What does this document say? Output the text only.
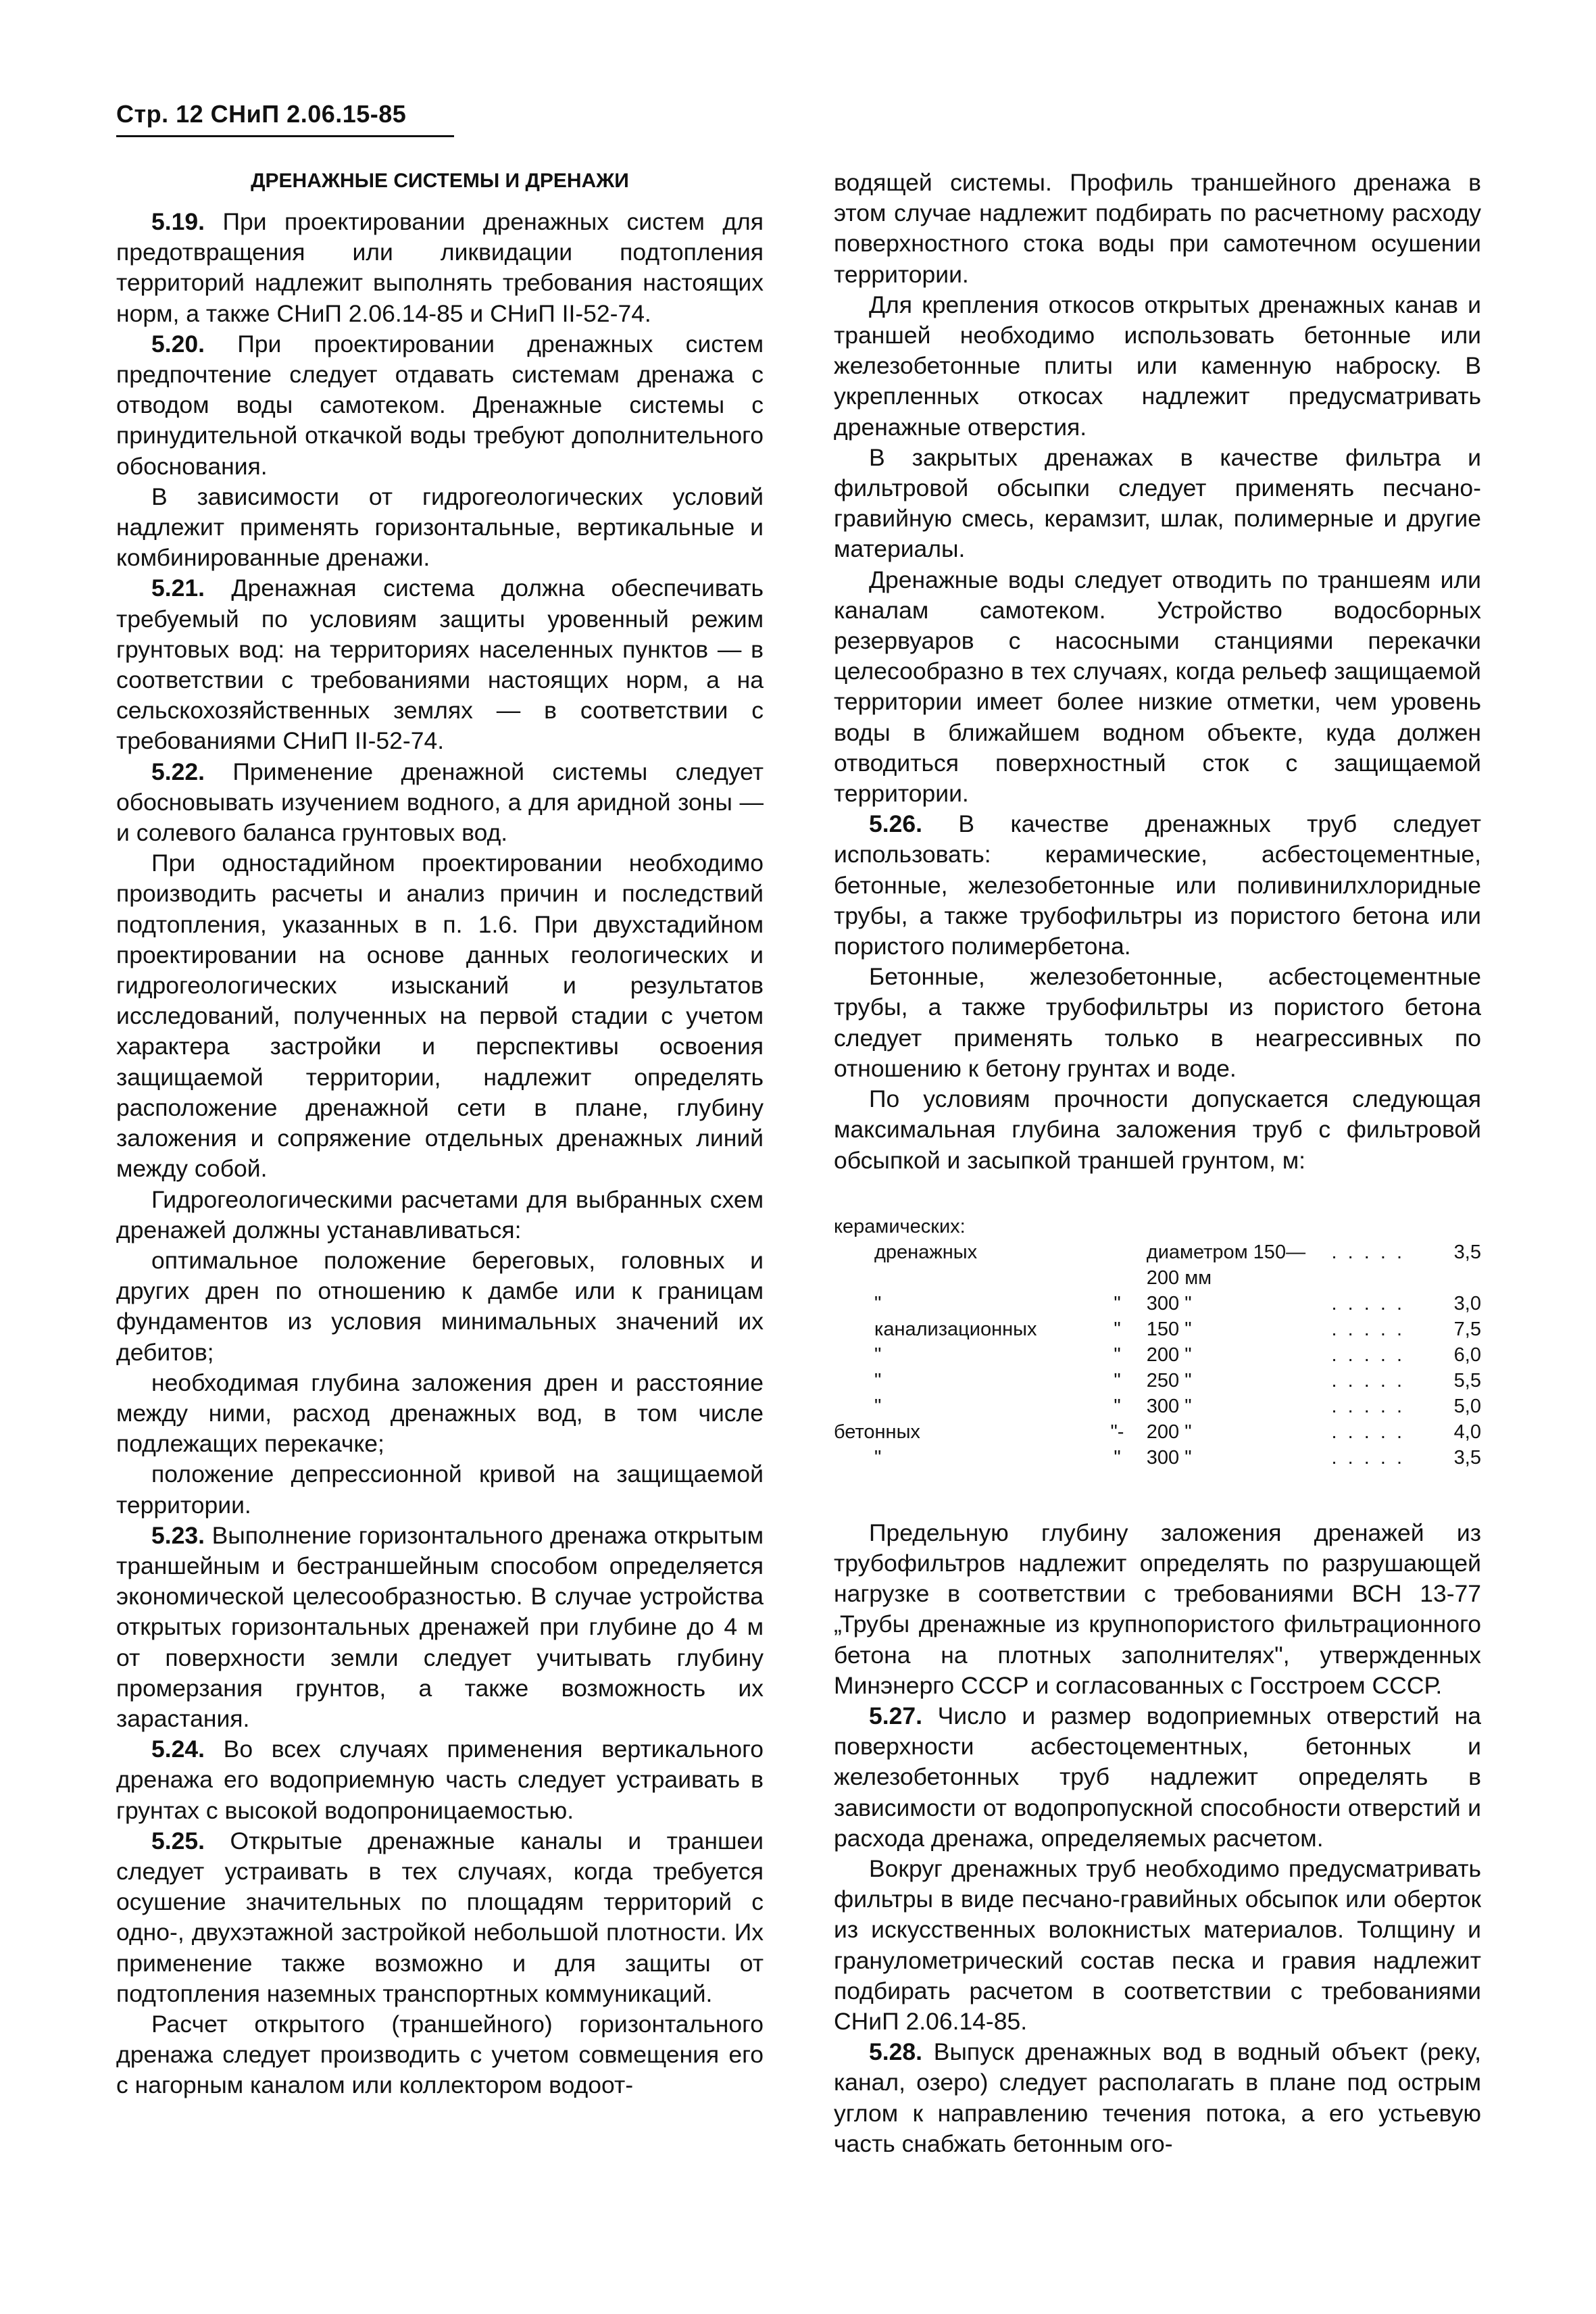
Стр. 12 СНиП 2.06.15-85
ДРЕНАЖНЫЕ СИСТЕМЫ И ДРЕНАЖИ

5.19. При проектировании дренажных систем для предотвращения или ликвидации подтопления территорий надлежит выполнять требования настоящих норм, а также СНиП 2.06.14-85 и СНиП II-52-74.

5.20. При проектировании дренажных систем предпочтение следует отдавать системам дренажа с отводом воды самотеком. Дренажные системы с принудительной откачкой воды требуют дополнительного обоснования.

В зависимости от гидрогеологических условий надлежит применять горизонтальные, вертикальные и комбинированные дренажи.

5.21. Дренажная система должна обеспечивать требуемый по условиям защиты уровенный режим грунтовых вод: на территориях населенных пунктов — в соответствии с требованиями настоящих норм, а на сельскохозяйственных землях — в соответствии с требованиями СНиП II-52-74.

5.22. Применение дренажной системы следует обосновывать изучением водного, а для аридной зоны — и солевого баланса грунтовых вод.

При одностадийном проектировании необходимо производить расчеты и анализ причин и последствий подтопления, указанных в п. 1.6. При двухстадийном проектировании на основе данных геологических и гидрогеологических изысканий и результатов исследований, полученных на первой стадии с учетом характера застройки и перспективы освоения защищаемой территории, надлежит определять расположение дренажной сети в плане, глубину заложения и сопряжение отдельных дренажных линий между собой.

Гидрогеологическими расчетами для выбранных схем дренажей должны устанавливаться:

оптимальное положение береговых, головных и других дрен по отношению к дамбе или к границам фундаментов из условия минимальных значений их дебитов;

необходимая глубина заложения дрен и расстояние между ними, расход дренажных вод, в том числе подлежащих перекачке;

положение депрессионной кривой на защищаемой территории.

5.23. Выполнение горизонтального дренажа открытым траншейным и бестраншейным способом определяется экономической целесообразностью. В случае устройства открытых горизонтальных дренажей при глубине до 4 м от поверхности земли следует учитывать глубину промерзания грунтов, а также возможность их зарастания.

5.24. Во всех случаях применения вертикального дренажа его водоприемную часть следует устраивать в грунтах с высокой водопроницаемостью.

5.25. Открытые дренажные каналы и траншеи следует устраивать в тех случаях, когда требуется осушение значительных по площадям территорий с одно-, двухэтажной застройкой небольшой плотности. Их применение также возможно и для защиты от подтопления наземных транспортных коммуникаций.

Расчет открытого (траншейного) горизонтального дренажа следует производить с учетом совмещения его с нагорным каналом или коллектором водоот-

водящей системы. Профиль траншейного дренажа в этом случае надлежит подбирать по расчетному расходу поверхностного стока воды при самотечном осушении территории.

Для крепления откосов открытых дренажных канав и траншей необходимо использовать бетонные или железобетонные плиты или каменную наброску. В укрепленных откосах надлежит предусматривать дренажные отверстия.

В закрытых дренажах в качестве фильтра и фильтровой обсыпки следует применять песчано-гравийную смесь, керамзит, шлак, полимерные и другие материалы.

Дренажные воды следует отводить по траншеям или каналам самотеком. Устройство водосборных резервуаров с насосными станциями перекачки целесообразно в тех случаях, когда рельеф защищаемой территории имеет более низкие отметки, чем уровень воды в ближайшем водном объекте, куда должен отводиться поверхностный сток с защищаемой территории.

5.26. В качестве дренажных труб следует использовать: керамические, асбестоцементные, бетонные, железобетонные или поливинилхлоридные трубы, а также трубофильтры из пористого бетона или пористого полимербетона.

Бетонные, железобетонные, асбестоцементные трубы, а также трубофильтры из пористого бетона следует применять только в неагрессивных по отношению к бетону грунтах и воде.

По условиям прочности допускается следующая максимальная глубина заложения труб с фильтровой обсыпкой и засыпкой траншей грунтом, м:

керамических:				
дренажных		диаметром 150—200 мм	. . . . .	3,5
"	"	300 "	. . . . .	3,0
канализационных	"	150 "	. . . . .	7,5
"	"	200 "	. . . . .	6,0
"	"	250 "	. . . . .	5,5
"	"	300 "	. . . . .	5,0
бетонных	"-	200 "	. . . . .	4,0
"	"	300 "	. . . . .	3,5

Предельную глубину заложения дренажей из трубофильтров надлежит определять по разрушающей нагрузке в соответствии с требованиями ВСН 13-77 „Трубы дренажные из крупнопористого фильтрационного бетона на плотных заполнителях", утвержденных Минэнерго СССР и согласованных с Госстроем СССР.

5.27. Число и размер водоприемных отверстий на поверхности асбестоцементных, бетонных и железобетонных труб надлежит определять в зависимости от водопропускной способности отверстий и расхода дренажа, определяемых расчетом.

Вокруг дренажных труб необходимо предусматривать фильтры в виде песчано-гравийных обсыпок или оберток из искусственных волокнистых материалов. Толщину и гранулометрический состав песка и гравия надлежит подбирать расчетом в соответствии с требованиями СНиП 2.06.14-85.

5.28. Выпуск дренажных вод в водный объект (реку, канал, озеро) следует располагать в плане под острым углом к направлению течения потока, а его устьевую часть снабжать бетонным ого-
